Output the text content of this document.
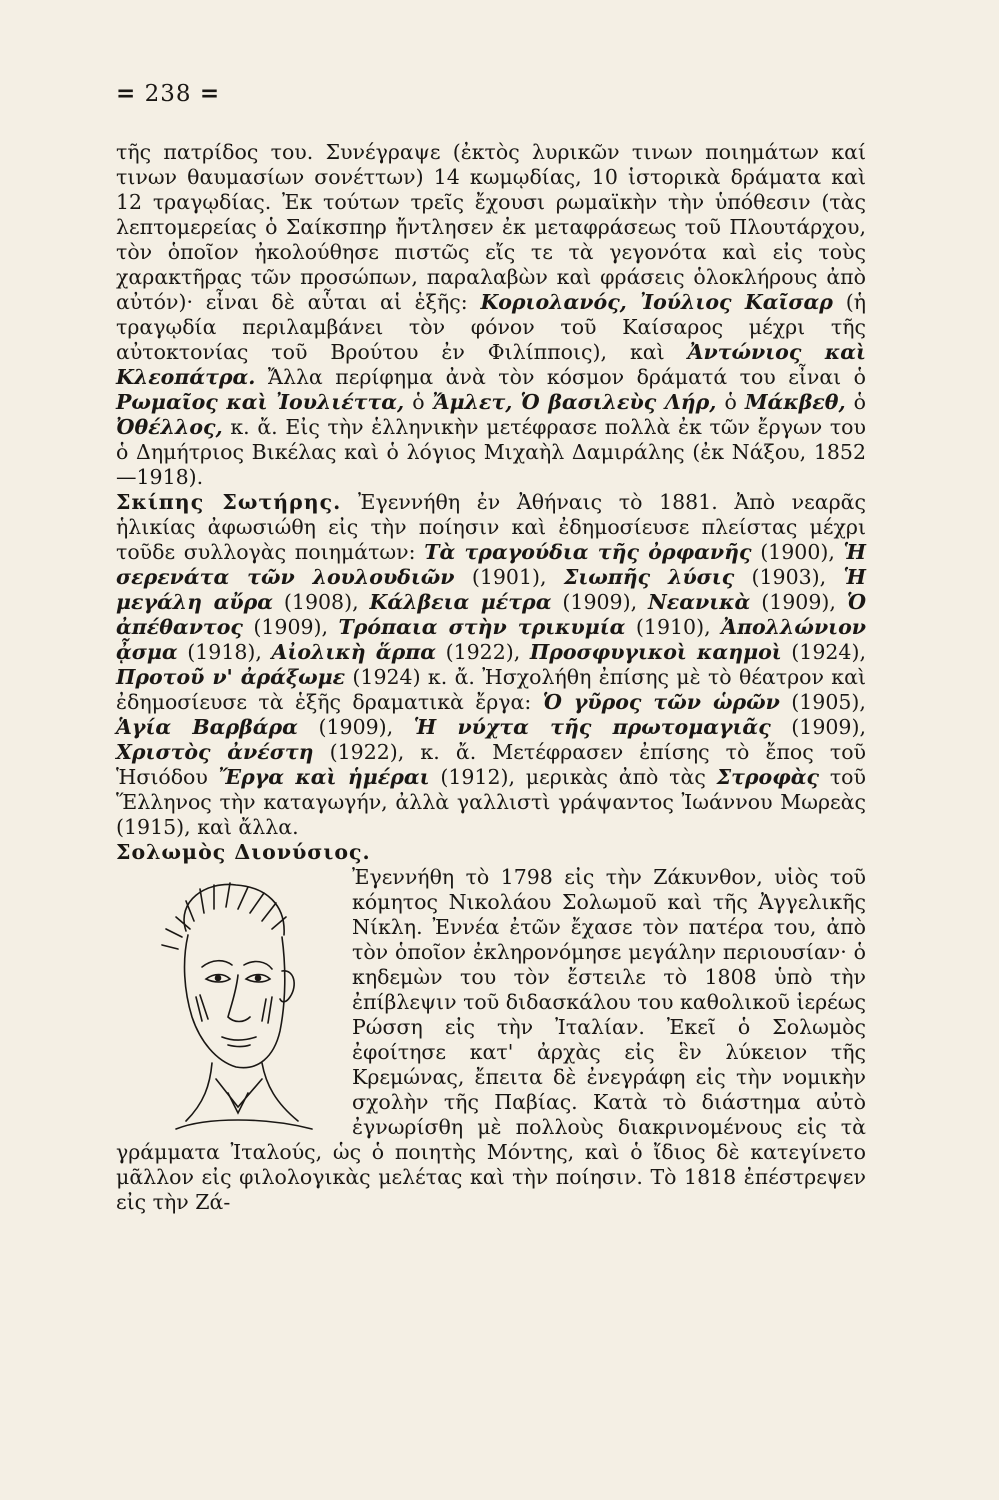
= 238 =

τῆς πατρίδος του. Συνέγραψε (ἐκτὸς λυρικῶν τινων ποιημάτων καί τινων θαυμασίων σονέττων) 14 κωμῳδίας, 10 ἱστορικὰ δράματα καὶ 12 τραγῳδίας. Ἐκ τούτων τρεῖς ἔχουσι ρωμαϊκὴν τὴν ὑπόθεσιν (τὰς λεπτομερείας ὁ Σαίκσπηρ ἤντλησεν ἐκ μεταφράσεως τοῦ Πλουτάρχου, τὸν ὁποῖον ἠκολούθησε πιστῶς εἴς τε τὰ γεγονότα καὶ εἰς τοὺς χαρακτῆρας τῶν προσώπων, παραλαβὼν καὶ φράσεις ὁλοκλήρους ἀπὸ αὐτόν)· εἶναι δὲ αὗται αἱ ἑξῆς: Κοριολανός, Ἰούλιος Καῖσαρ (ἡ τραγῳδία περιλαμβάνει τὸν φόνον τοῦ Καίσαρος μέχρι τῆς αὐτοκτονίας τοῦ Βρούτου ἐν Φιλίπποις), καὶ Ἀντώνιος καὶ Κλεοπάτρα. Ἄλλα περίφημα ἀνὰ τὸν κόσμον δράματά του εἶναι ὁ Ρωμαῖος καὶ Ἰουλιέττα, ὁ Ἄμλετ, Ὁ βασιλεὺς Λήρ, ὁ Μάκβεθ, ὁ Ὀθέλλος, κ. ἄ. Εἰς τὴν ἑλληνικὴν μετέφρασε πολλὰ ἐκ τῶν ἔργων του ὁ Δημήτριος Βικέλας καὶ ὁ λόγιος Μιχαὴλ Δαμιράλης (ἐκ Νάξου, 1852—1918).

Σκίπης Σωτήρης. Ἐγεννήθη ἐν Ἀθήναις τὸ 1881. Ἀπὸ νεαρᾶς ἡλικίας ἀφωσιώθη εἰς τὴν ποίησιν καὶ ἐδημοσίευσε πλείστας μέχρι τοῦδε συλλογὰς ποιημάτων: Τὰ τραγούδια τῆς ὀρφανῆς (1900), Ἡ σερενάτα τῶν λουλουδιῶν (1901), Σιωπῆς λύσις (1903), Ἡ μεγάλη αὔρα (1908), Κάλβεια μέτρα (1909), Νεανικὰ (1909), Ὁ ἀπέθαντος (1909), Τρόπαια στὴν τρικυμία (1910), Ἀπολλώνιον ᾆσμα (1918), Αἰολικὴ ἅρπα (1922), Προσφυγικοὶ καημοὶ (1924), Προτοῦ ν' ἀράξωμε (1924) κ. ἄ. Ἠσχολήθη ἐπίσης μὲ τὸ θέατρον καὶ ἐδημοσίευσε τὰ ἑξῆς δραματικὰ ἔργα: Ὁ γῦρος τῶν ὡρῶν (1905), Ἁγία Βαρβάρα (1909), Ἡ νύχτα τῆς πρωτομαγιᾶς (1909), Χριστὸς ἀνέστη (1922), κ. ἄ. Μετέφρασεν ἐπίσης τὸ ἔπος τοῦ Ἡσιόδου Ἔργα καὶ ἡμέραι (1912), μερικὰς ἀπὸ τὰς Στροφὰς τοῦ Ἕλληνος τὴν καταγωγήν, ἀλλὰ γαλλιστὶ γράψαντος Ἰωάννου Μωρεὰς (1915), καὶ ἄλλα.

Σολωμὸς Διονύσιος.

Ἐγεννήθη τὸ 1798 εἰς τὴν Ζάκυνθον, υἱὸς τοῦ κόμητος Νικολάου Σολωμοῦ καὶ τῆς Ἀγγελικῆς Νίκλη. Ἐννέα ἐτῶν ἔχασε τὸν πατέρα του, ἀπὸ τὸν ὁποῖον ἐκληρονόμησε μεγάλην περιουσίαν· ὁ κηδεμὼν του τὸν ἔστειλε τὸ 1808 ὑπὸ τὴν ἐπίβλεψιν τοῦ διδασκάλου του καθολικοῦ ἱερέως Ρώσση εἰς τὴν Ἰταλίαν. Ἐκεῖ ὁ Σολωμὸς ἐφοίτησε κατ' ἀρχὰς εἰς ἓν λύκειον τῆς Κρεμώνας, ἔπειτα δὲ ἐνεγράφη εἰς τὴν νομικὴν σχολὴν τῆς Παβίας. Κατὰ τὸ διάστημα αὐτὸ ἐγνωρίσθη μὲ πολλοὺς διακρινομένους εἰς τὰ γράμματα Ἰταλούς, ὡς ὁ ποιητὴς Μόντης, καὶ ὁ ἴδιος δὲ κατεγίνετο μᾶλλον εἰς φιλολογικὰς μελέτας καὶ τὴν ποίησιν. Τὸ 1818 ἐπέστρεψεν εἰς τὴν Ζά-
